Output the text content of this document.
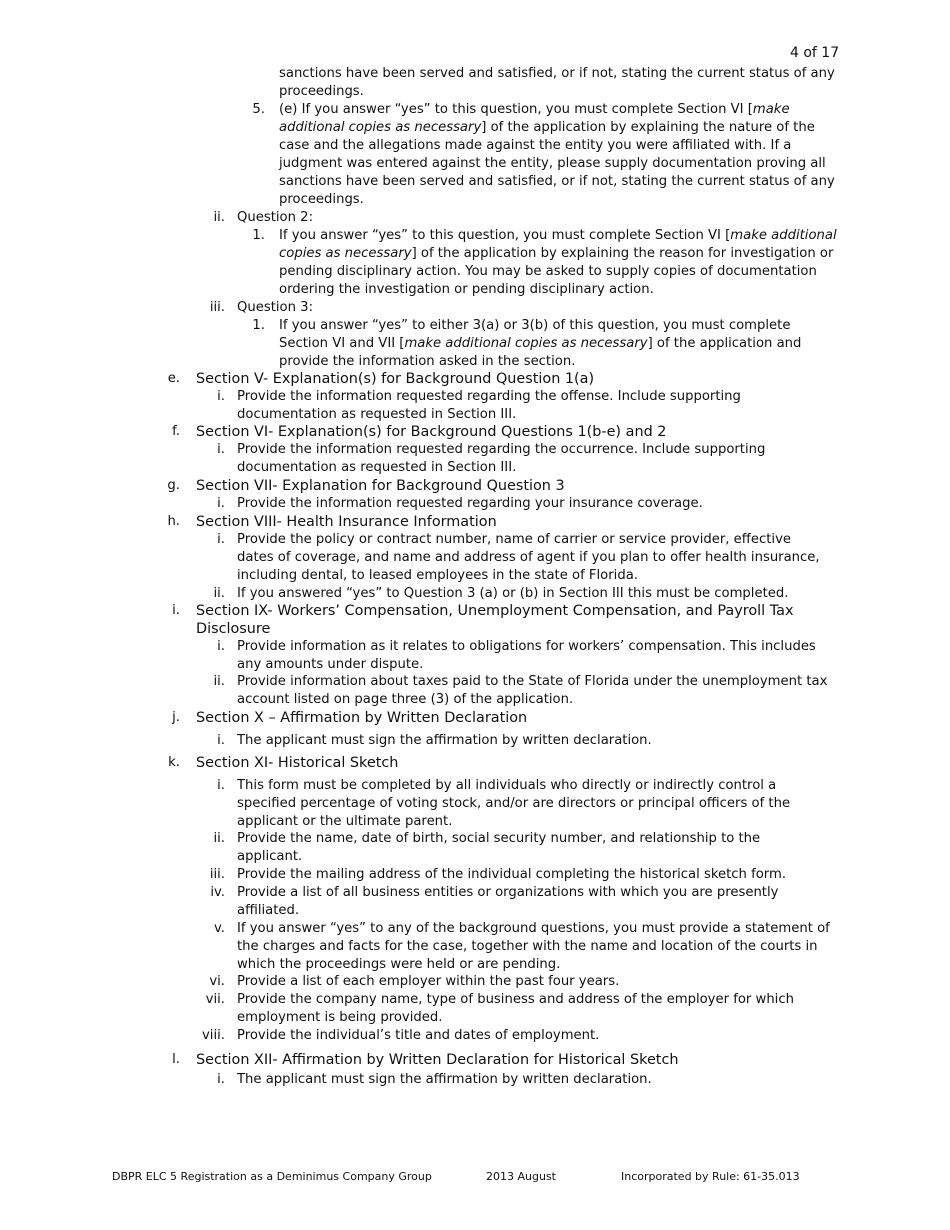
4 of 17
sanctions have been served and satisfied, or if not, stating the current status of any proceedings.
5. (e) If you answer “yes” to this question, you must complete Section VI [make additional copies as necessary] of the application by explaining the nature of the case and the allegations made against the entity you were affiliated with. If a judgment was entered against the entity, please supply documentation proving all sanctions have been served and satisfied, or if not, stating the current status of any proceedings.
ii. Question 2:
1. If you answer “yes” to this question, you must complete Section VI [make additional copies as necessary] of the application by explaining the reason for investigation or pending disciplinary action. You may be asked to supply copies of documentation ordering the investigation or pending disciplinary action.
iii. Question 3:
1. If you answer “yes” to either 3(a) or 3(b) of this question, you must complete Section VI and VII [make additional copies as necessary] of the application and provide the information asked in the section.
e. Section V- Explanation(s) for Background Question 1(a)
i. Provide the information requested regarding the offense. Include supporting documentation as requested in Section III.
f. Section VI- Explanation(s) for Background Questions 1(b-e) and 2
i. Provide the information requested regarding the occurrence. Include supporting documentation as requested in Section III.
g. Section VII- Explanation for Background Question 3
i. Provide the information requested regarding your insurance coverage.
h. Section VIII- Health Insurance Information
i. Provide the policy or contract number, name of carrier or service provider, effective dates of coverage, and name and address of agent if you plan to offer health insurance, including dental, to leased employees in the state of Florida.
ii. If you answered “yes” to Question 3 (a) or (b) in Section III this must be completed.
i. Section IX- Workers’ Compensation, Unemployment Compensation, and Payroll Tax Disclosure
i. Provide information as it relates to obligations for workers’ compensation. This includes any amounts under dispute.
ii. Provide information about taxes paid to the State of Florida under the unemployment tax account listed on page three (3) of the application.
j. Section X – Affirmation by Written Declaration
i. The applicant must sign the affirmation by written declaration.
k. Section XI- Historical Sketch
i. This form must be completed by all individuals who directly or indirectly control a specified percentage of voting stock, and/or are directors or principal officers of the applicant or the ultimate parent.
ii. Provide the name, date of birth, social security number, and relationship to the applicant.
iii. Provide the mailing address of the individual completing the historical sketch form.
iv. Provide a list of all business entities or organizations with which you are presently affiliated.
v. If you answer “yes” to any of the background questions, you must provide a statement of the charges and facts for the case, together with the name and location of the courts in which the proceedings were held or are pending.
vi. Provide a list of each employer within the past four years.
vii. Provide the company name, type of business and address of the employer for which employment is being provided.
viii. Provide the individual’s title and dates of employment.
l. Section XII- Affirmation by Written Declaration for Historical Sketch
i. The applicant must sign the affirmation by written declaration.
DBPR ELC 5 Registration as a Deminimus Company Group	2013 August	Incorporated by Rule: 61-35.013
